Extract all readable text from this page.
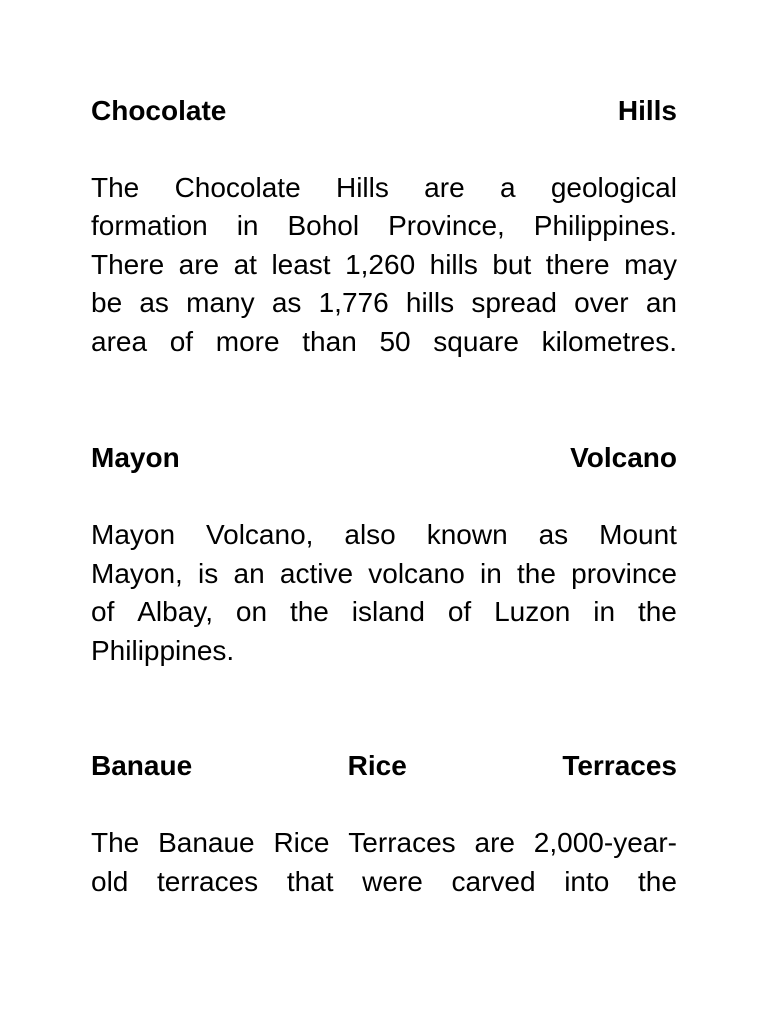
Chocolate	Hills
The Chocolate Hills are a geological
formation in Bohol Province, Philippines.
There are at least 1,260 hills but there may
be as many as 1,776 hills spread over an
area of more than 50 square kilometres.
Mayon	Volcano
Mayon Volcano, also known as Mount
Mayon, is an active volcano in the province
of Albay, on the island of Luzon in the
Philippines.
Banaue	Rice	Terraces
The Banaue Rice Terraces are 2,000-year-
old terraces that were carved into the
